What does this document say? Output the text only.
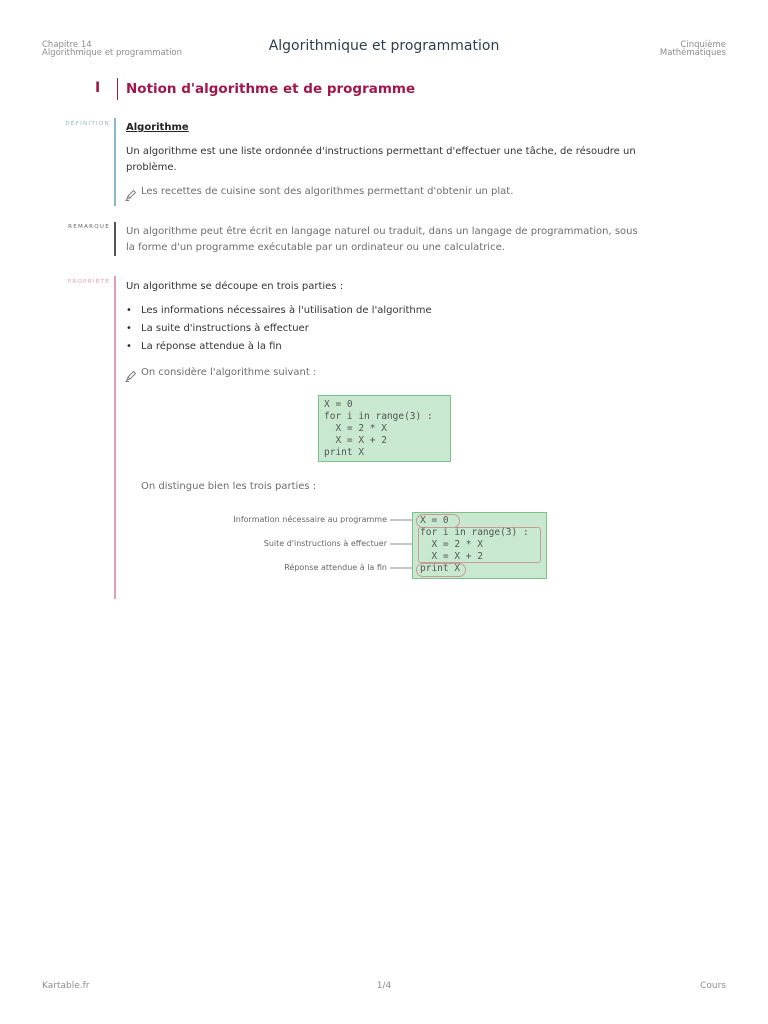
Chapitre 14
Algorithmique et programmation	Algorithmique et programmation	Cinquième
Mathématiques
I Notion d'algorithme et de programme
DÉFINITION Algorithme
Un algorithme est une liste ordonnée d'instructions permettant d'effectuer une tâche, de résoudre un
problème.
Les recettes de cuisine sont des algorithmes permettant d'obtenir un plat.
REMARQUE Un algorithme peut être écrit en langage naturel ou traduit, dans un langage de programmation, sous
la forme d'un programme exécutable par un ordinateur ou une calculatrice.
PROPRIÉTÉ Un algorithme se découpe en trois parties :
• Les informations nécessaires à l'utilisation de l'algorithme
• La suite d'instructions à effectuer
• La réponse attendue à la fin
On considère l'algorithme suivant :
X = 0
for i in range(3) :
X = 2 * X
X = X + 2
print X
On distingue bien les trois parties :
Information nécessaire au programme
Suite d'instructions à effectuer
Réponse attendue à la fin
X = 0
for i in range(3) :
X = 2 * X
X = X + 2
print X
Kartable.fr	1/4	Cours
